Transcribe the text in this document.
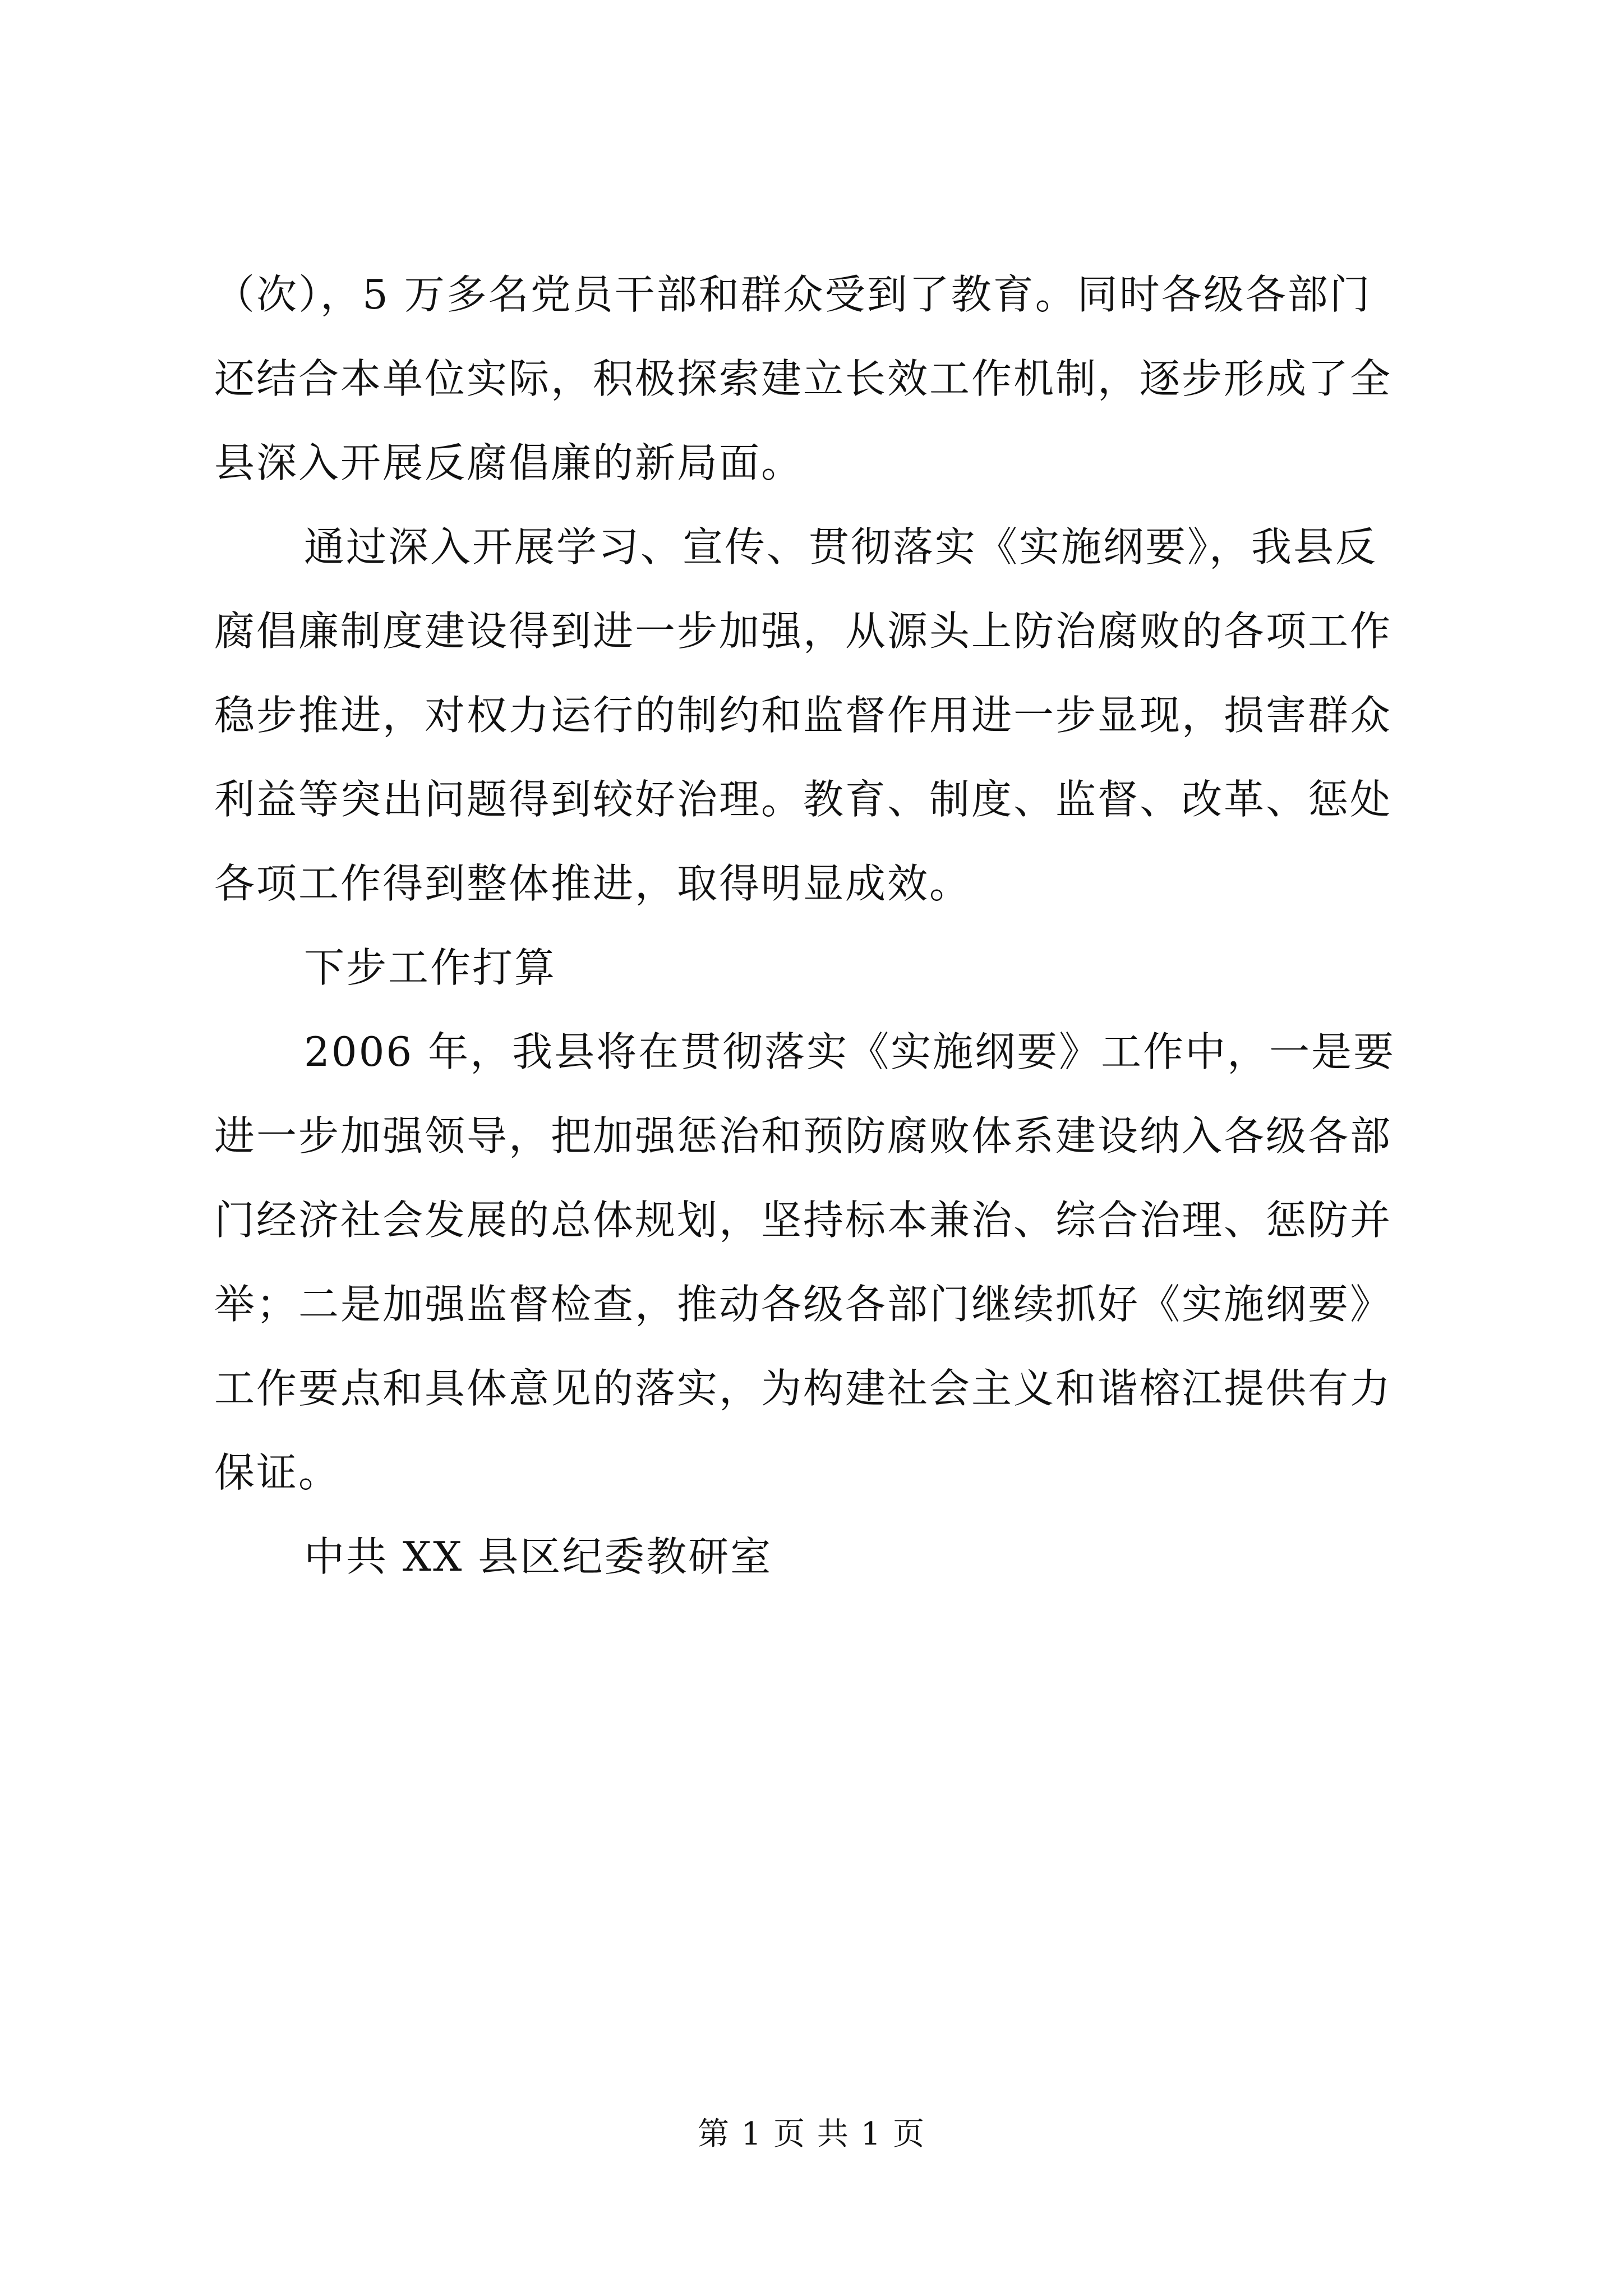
（次），5 万多名党员干部和群众受到了教育。同时各级各部门
还结合本单位实际，积极探索建立长效工作机制，逐步形成了全
县深入开展反腐倡廉的新局面。
通过深入开展学习、宣传、贯彻落实《实施纲要》，我县反
腐倡廉制度建设得到进一步加强，从源头上防治腐败的各项工作
稳步推进，对权力运行的制约和监督作用进一步显现，损害群众
利益等突出问题得到较好治理。教育、制度、监督、改革、惩处
各项工作得到整体推进，取得明显成效。
下步工作打算
2006 年，我县将在贯彻落实《实施纲要》工作中，一是要
进一步加强领导，把加强惩治和预防腐败体系建设纳入各级各部
门经济社会发展的总体规划，坚持标本兼治、综合治理、惩防并
举；二是加强监督检查，推动各级各部门继续抓好《实施纲要》
工作要点和具体意见的落实，为构建社会主义和谐榕江提供有力
保证。
中共 XX 县区纪委教研室
第 1 页 共 1 页
